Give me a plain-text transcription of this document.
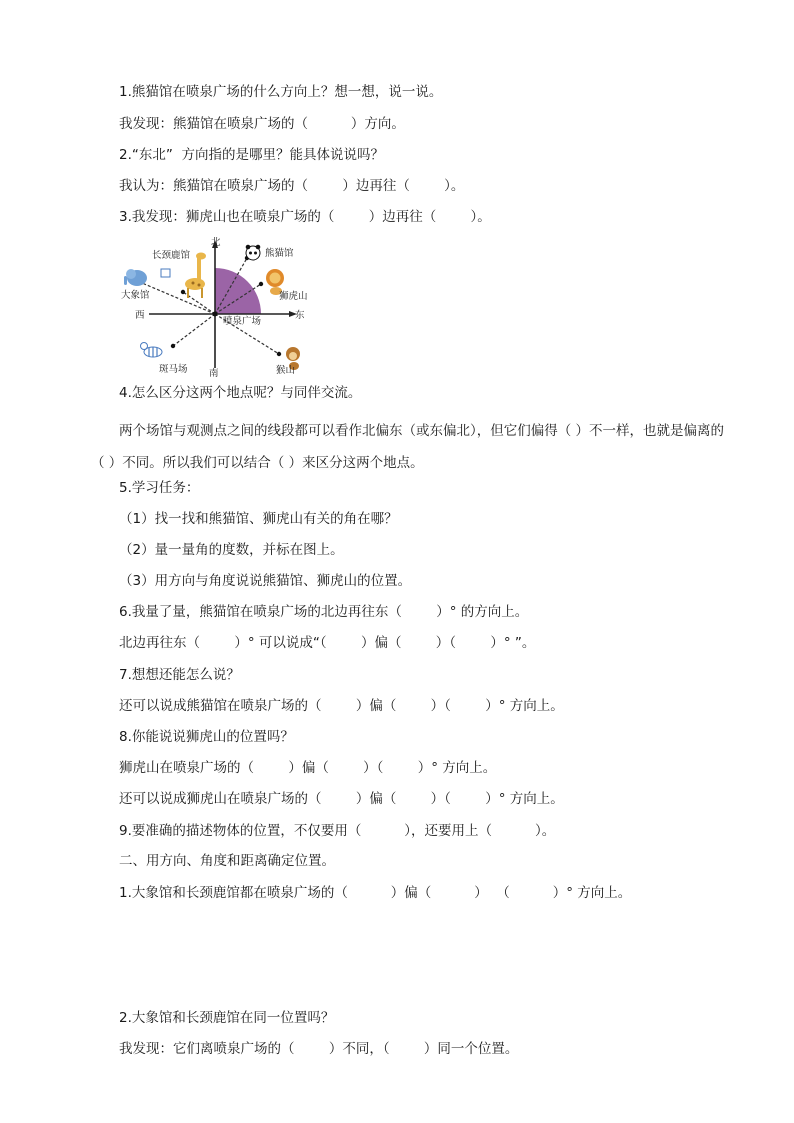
1.熊猫馆在喷泉广场的什么方向上？想一想，说一说。
我发现：熊猫馆在喷泉广场的（          ）方向。
2.“东北”  方向指的是哪里？能具体说说吗？
我认为：熊猫馆在喷泉广场的（        ）边再往（        ）。
3.我发现：狮虎山也在喷泉广场的（        ）边再往（        ）。
北
南
东
西
喷泉广场
熊猫馆
狮虎山
长颈鹿馆
大象馆
斑马场	猴山
4.怎么区分这两个地点呢？与同伴交流。
两个场馆与观测点之间的线段都可以看作北偏东（或东偏北），但它们偏得（ ）不一样，也就是偏离的（ ）不同。所以我们可以结合（ ）来区分这两个地点。
5.学习任务：
（1）找一找和熊猫馆、狮虎山有关的角在哪？
（2）量一量角的度数，并标在图上。
（3）用方向与角度说说熊猫馆、狮虎山的位置。
6.我量了量，熊猫馆在喷泉广场的北边再往东（        ）° 的方向上。
北边再往东（        ）° 可以说成“（        ）偏（        ）（        ）° ”。
7.想想还能怎么说？
还可以说成熊猫馆在喷泉广场的（        ）偏（        ）（        ）° 方向上。
8.你能说说狮虎山的位置吗？
狮虎山在喷泉广场的（        ）偏（        ）（        ）° 方向上。
还可以说成狮虎山在喷泉广场的（        ）偏（        ）（        ）° 方向上。
9.要准确的描述物体的位置，不仅要用（          ），还要用上（          ）。
二、用方向、角度和距离确定位置。
1.大象馆和长颈鹿馆都在喷泉广场的（          ）偏（          ）  （          ）° 方向上。
2.大象馆和长颈鹿馆在同一位置吗？
我发现：它们离喷泉广场的（        ）不同，（        ）同一个位置。
